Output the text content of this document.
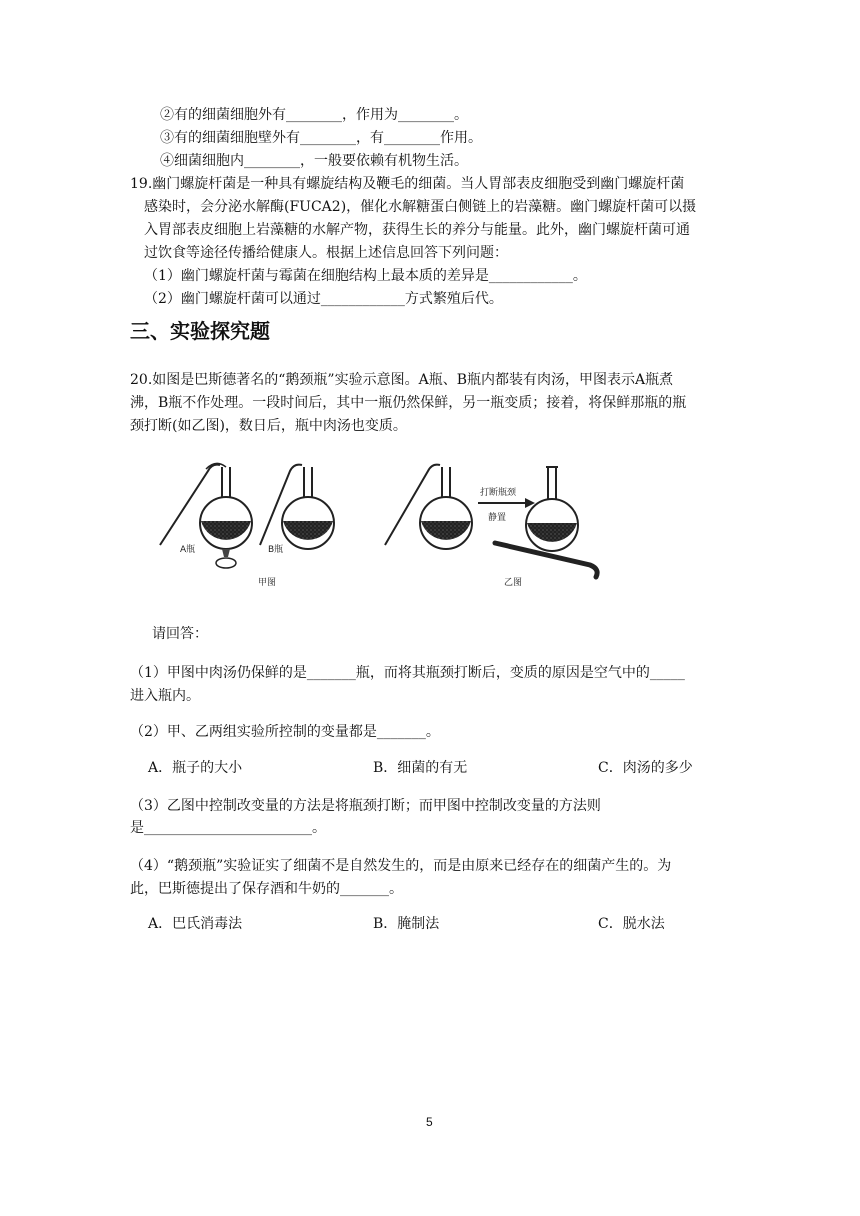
②有的细菌细胞外有________，作用为________。
③有的细菌细胞壁外有________，有________作用。
④细菌细胞内________，一般要依赖有机物生活。
19.幽门螺旋杆菌是一种具有螺旋结构及鞭毛的细菌。当人胃部表皮细胞受到幽门螺旋杆菌
感染时，会分泌水解酶(FUCA2)，催化水解糖蛋白侧链上的岩藻糖。幽门螺旋杆菌可以摄
入胃部表皮细胞上岩藻糖的水解产物，获得生长的养分与能量。此外，幽门螺旋杆菌可通
过饮食等途径传播给健康人。根据上述信息回答下列问题：
（1）幽门螺旋杆菌与霉菌在细胞结构上最本质的差异是____________。
（2）幽门螺旋杆菌可以通过____________方式繁殖后代。
三、实验探究题
20.如图是巴斯德著名的“鹅颈瓶”实验示意图。A瓶、B瓶内都装有肉汤，甲图表示A瓶煮
沸，B瓶不作处理。一段时间后，其中一瓶仍然保鲜，另一瓶变质；接着，将保鲜那瓶的瓶
颈打断(如乙图)，数日后，瓶中肉汤也变质。
A瓶	B瓶
甲图
打断瓶颈
静置
乙图
请回答：
（1）甲图中肉汤仍保鲜的是_______瓶，而将其瓶颈打断后，变质的原因是空气中的_____
进入瓶内。
（2）甲、乙两组实验所控制的变量都是_______。
A．瓶子的大小	B．细菌的有无	C．肉汤的多少
（3）乙图中控制改变量的方法是将瓶颈打断；而甲图中控制改变量的方法则
是________________________。
（4）“鹅颈瓶”实验证实了细菌不是自然发生的，而是由原来已经存在的细菌产生的。为
此，巴斯德提出了保存酒和牛奶的_______。
A．巴氏消毒法	B．腌制法	C．脱水法
5
